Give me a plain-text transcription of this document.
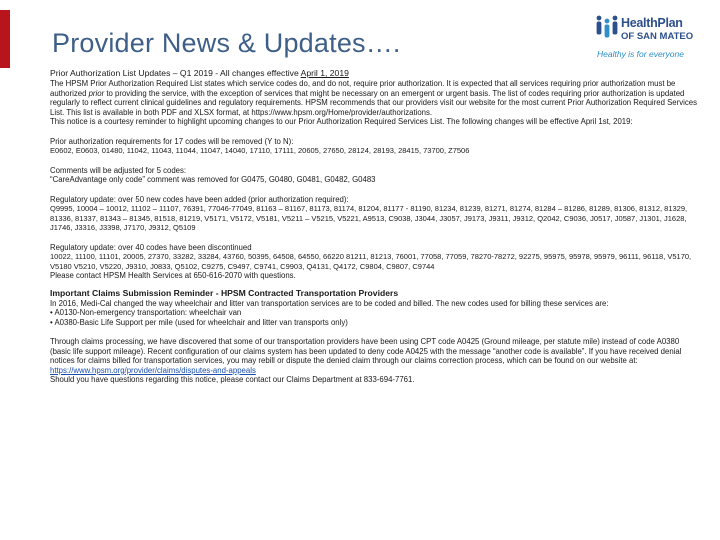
Provider News & Updates….
HealthPlan
OF SAN MATEO
Healthy is for everyone

Prior Authorization List Updates – Q1 2019 - All changes effective April 1, 2019

The HPSM Prior Authorization Required List states which service codes do, and do not, require prior authorization. It is expected that all services requiring prior authorization must be authorized prior to providing the service, with the exception of services that might be necessary on an emergent or urgent basis. The list of codes requiring prior authorization is updated regularly to reflect current clinical guidelines and regulatory requirements. HPSM recommends that our providers visit our website for the most current Prior Authorization Required Services List. This list is available in both PDF and XLSX format, at https://www.hpsm.org/Home/provider/authorizations.

This notice is a courtesy reminder to highlight upcoming changes to our Prior Authorization Required Services List. The following changes will be effective April 1st, 2019:

Prior authorization requirements for 17 codes will be removed (Y to N):

E0602, E0603, 01480, 11042, 11043, 11044, 11047, 14040, 17110, 17111, 20605, 27650, 28124, 28193, 28415, 73700, Z7506

Comments will be adjusted for 5 codes:

“CareAdvantage only code” comment was removed for G0475, G0480, G0481, G0482, G0483

Regulatory update: over 50 new codes have been added (prior authorization required):

Q9995, 10004 – 10012, 11102 – 11107, 76391, 77046-77049, 81163 – 81167, 81173, 81174, 81204, 81177 - 81190, 81234, 81239, 81271, 81274, 81284 – 81286, 81289, 81306, 81312, 81329, 81336, 81337, 81343 – 81345, 81518, 81219, V5171, V5172, V5181, V5211 – V5215, V5221, A9513, C9038, J3044, J3057, J9173, J9311, J9312, Q2042, C9036, J0517, J0587, J1301, J1628, J1746, J3316, J3398, J7170, J9312, Q5109

Regulatory update: over 40 codes have been discontinued

10022, 11100, 11101, 20005, 27370, 33282, 33284, 43760, 50395, 64508, 64550, 66220 81211, 81213, 76001, 77058, 77059, 78270-78272, 92275, 95975, 95978, 95979, 96111, 96118, V5170, V5180 V5210, V5220, J9310, J0833, Q5102, C9275, C9497, C9741, C9903, Q4131, Q4172, C9804, C9807, C9744

Please contact HPSM Health Services at 650-616-2070 with questions.

Important Claims Submission Reminder - HPSM Contracted Transportation Providers

In 2016, Medi-Cal changed the way wheelchair and litter van transportation services are to be coded and billed. The new codes used for billing these services are:

• A0130-Non-emergency transportation: wheelchair van

• A0380-Basic Life Support per mile (used for wheelchair and litter van transports only)

Through claims processing, we have discovered that some of our transportation providers have been using CPT code A0425 (Ground mileage, per statute mile) instead of code A0380 (basic life support mileage). Recent configuration of our claims system has been updated to deny code A0425 with the message “another code is available”. If you have received denial notices for claims billed for transportation services, you may rebill or dispute the denied claim through our claims correction process, which can be found on our website at:

https://www.hpsm.org/provider/claims/disputes-and-appeals

Should you have questions regarding this notice, please contact our Claims Department at 833-694-7761.
